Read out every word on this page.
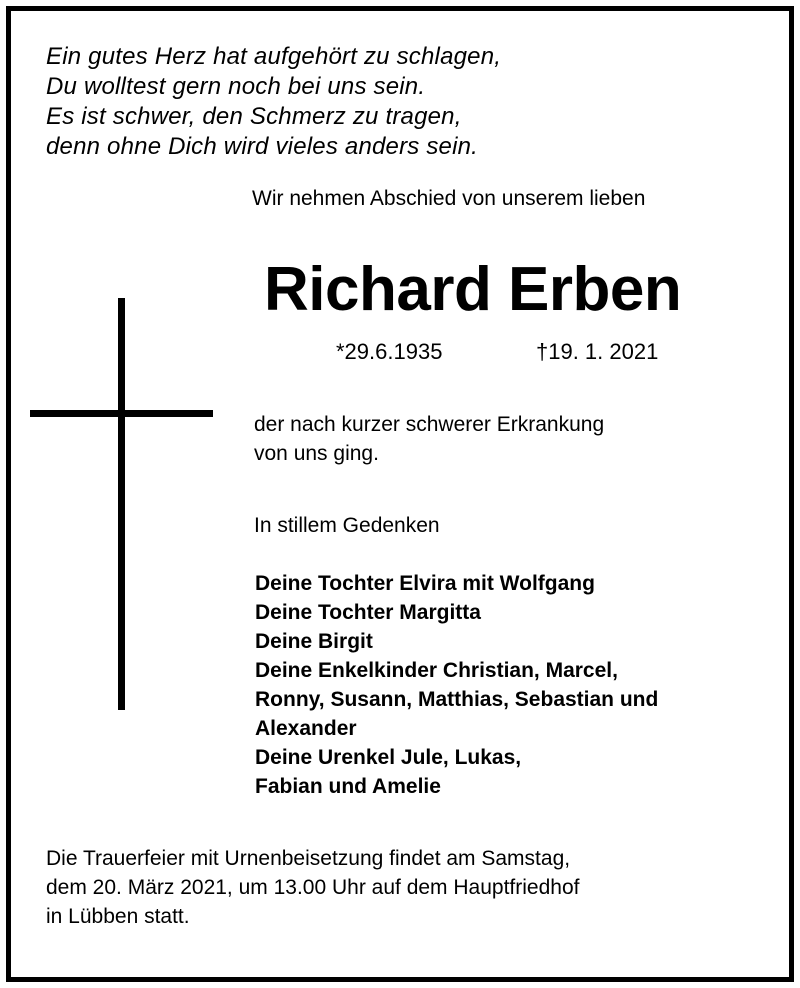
Ein gutes Herz hat aufgehört zu schlagen,
Du wolltest gern noch bei uns sein.
Es ist schwer, den Schmerz zu tragen,
denn ohne Dich wird vieles anders sein.
Wir nehmen Abschied von unserem lieben
Richard Erben
*29.6.1935	†19. 1. 2021
der nach kurzer schwerer Erkrankung
von uns ging.
In stillem Gedenken
Deine Tochter Elvira mit Wolfgang
Deine Tochter Margitta
Deine Birgit
Deine Enkelkinder Christian, Marcel,
Ronny, Susann, Matthias, Sebastian und
Alexander
Deine Urenkel Jule, Lukas,
Fabian und Amelie
Die Trauerfeier mit Urnenbeisetzung findet am Samstag,
dem 20. März 2021, um 13.00 Uhr auf dem Hauptfriedhof
in Lübben statt.
